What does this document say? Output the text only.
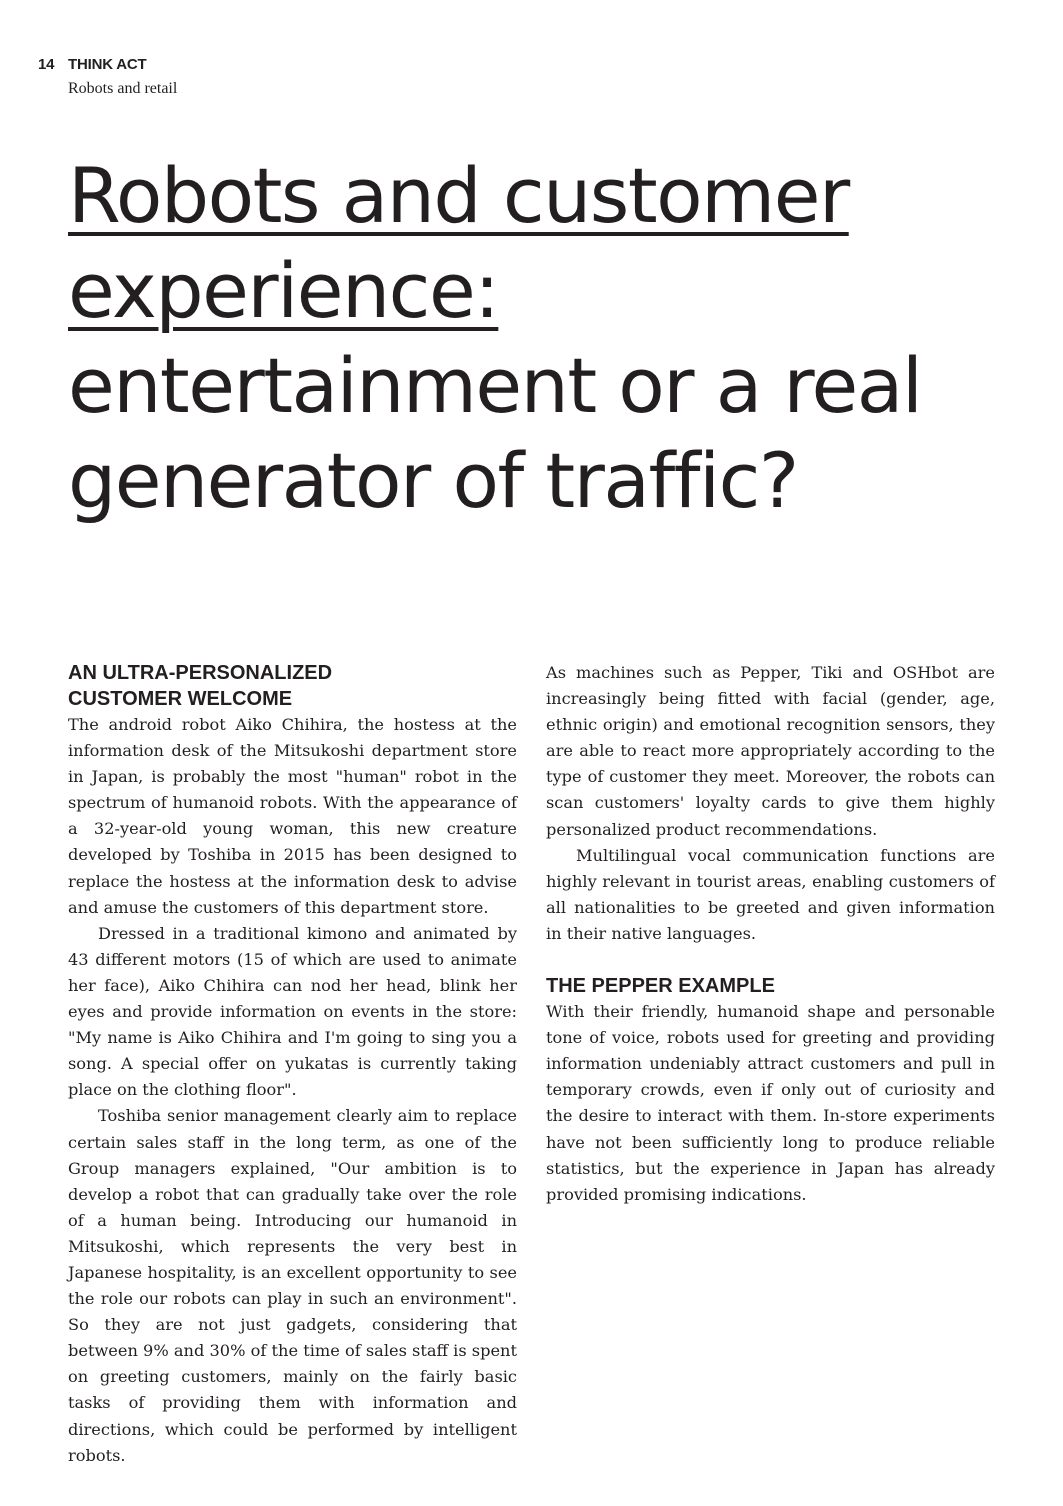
14 THINK ACT
Robots and retail
Robots and customer
experience:
entertainment or a real
generator of traffic?
AN ULTRA-PERSONALIZED
CUSTOMER WELCOME

The android robot Aiko Chihira, the hostess at the information desk of the Mitsukoshi department store in Japan, is probably the most "human" robot in the spectrum of humanoid robots. With the appearance of a 32-year-old young woman, this new creature developed by Toshiba in 2015 has been designed to replace the hostess at the information desk to advise and amuse the customers of this department store.

Dressed in a traditional kimono and animated by 43 different motors (15 of which are used to animate her face), Aiko Chihira can nod her head, blink her eyes and provide information on events in the store: "My name is Aiko Chihira and I'm going to sing you a song. A special offer on yukatas is currently taking place on the clothing floor".

Toshiba senior management clearly aim to replace certain sales staff in the long term, as one of the Group managers explained, "Our ambition is to develop a robot that can gradually take over the role of a human being. Introducing our humanoid in Mitsukoshi, which represents the very best in Japanese hospitality, is an excellent opportunity to see the role our robots can play in such an environment". So they are not just gadgets, considering that between 9% and 30% of the time of sales staff is spent on greeting customers, mainly on the fairly basic tasks of providing them with information and directions, which could be performed by intelligent robots.

As machines such as Pepper, Tiki and OSHbot are increasingly being fitted with facial (gender, age, ethnic origin) and emotional recognition sensors, they are able to react more appropriately according to the type of customer they meet. Moreover, the robots can scan customers' loyalty cards to give them highly personalized product recommendations.

Multilingual vocal communication functions are highly relevant in tourist areas, enabling customers of all nationalities to be greeted and given information in their native languages.

THE PEPPER EXAMPLE

With their friendly, humanoid shape and personable tone of voice, robots used for greeting and providing information undeniably attract customers and pull in temporary crowds, even if only out of curiosity and the desire to interact with them. In-store experiments have not been sufficiently long to produce reliable statistics, but the experience in Japan has already provided promising indications.
